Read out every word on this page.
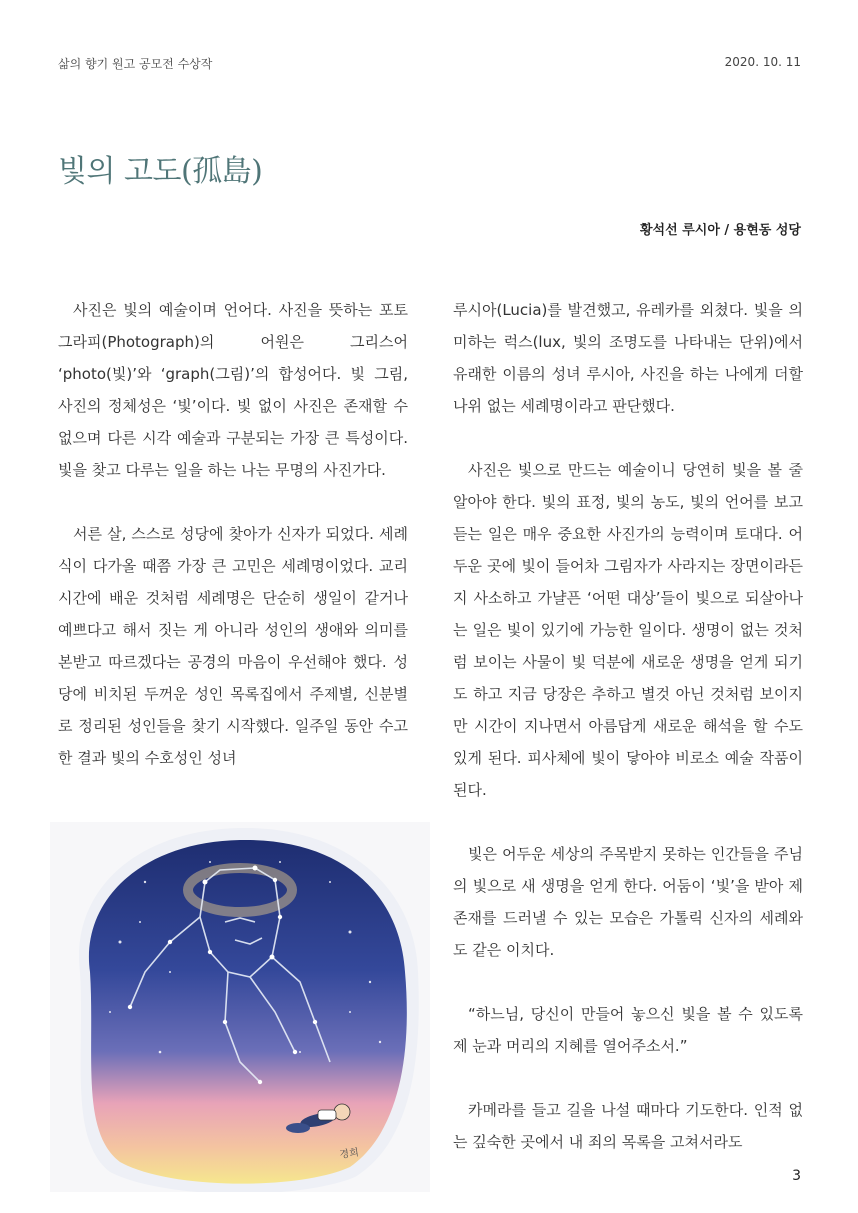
삶의 향기 원고 공모전 수상작	2020. 10. 11
빛의 고도(孤島)
황석선 루시아 / 용현동 성당

사진은 빛의 예술이며 언어다. 사진을 뜻하는 포토그라피(Photograph)의 어원은 그리스어 ‘photo(빛)’와 ‘graph(그림)’의 합성어다. 빛 그림, 사진의 정체성은 ‘빛’이다. 빛 없이 사진은 존재할 수 없으며 다른 시각 예술과 구분되는 가장 큰 특성이다. 빛을 찾고 다루는 일을 하는 나는 무명의 사진가다.

서른 살, 스스로 성당에 찾아가 신자가 되었다. 세례식이 다가올 때쯤 가장 큰 고민은 세례명이었다. 교리 시간에 배운 것처럼 세례명은 단순히 생일이 같거나 예쁘다고 해서 짓는 게 아니라 성인의 생애와 의미를 본받고 따르겠다는 공경의 마음이 우선해야 했다. 성당에 비치된 두꺼운 성인 목록집에서 주제별, 신분별로 정리된 성인들을 찾기 시작했다. 일주일 동안 수고한 결과 빛의 수호성인 성녀

루시아(Lucia)를 발견했고, 유레카를 외쳤다. 빛을 의미하는 럭스(lux, 빛의 조명도를 나타내는 단위)에서 유래한 이름의 성녀 루시아, 사진을 하는 나에게 더할 나위 없는 세례명이라고 판단했다.

사진은 빛으로 만드는 예술이니 당연히 빛을 볼 줄 알아야 한다. 빛의 표정, 빛의 농도, 빛의 언어를 보고 듣는 일은 매우 중요한 사진가의 능력이며 토대다. 어두운 곳에 빛이 들어차 그림자가 사라지는 장면이라든지 사소하고 가냘픈 ‘어떤 대상’들이 빛으로 되살아나는 일은 빛이 있기에 가능한 일이다. 생명이 없는 것처럼 보이는 사물이 빛 덕분에 새로운 생명을 얻게 되기도 하고 지금 당장은 추하고 별것 아닌 것처럼 보이지만 시간이 지나면서 아름답게 새로운 해석을 할 수도 있게 된다. 피사체에 빛이 닿아야 비로소 예술 작품이 된다.

빛은 어두운 세상의 주목받지 못하는 인간들을 주님의 빛으로 새 생명을 얻게 한다. 어둠이 ‘빛’을 받아 제 존재를 드러낼 수 있는 모습은 가톨릭 신자의 세례와도 같은 이치다.

“하느님, 당신이 만들어 놓으신 빛을 볼 수 있도록 제 눈과 머리의 지혜를 열어주소서.”

카메라를 들고 길을 나설 때마다 기도한다. 인적 없는 깊숙한 곳에서 내 죄의 목록을 고쳐서라도

경희
3
